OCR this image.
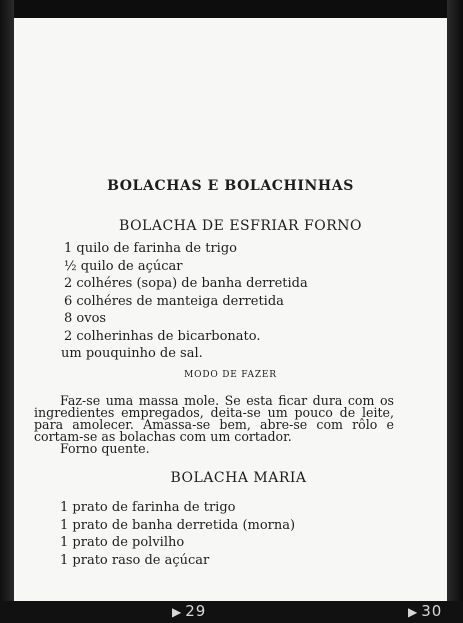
▶ 29	▶ 30
BOLACHAS E BOLACHINHAS
BOLACHA DE ESFRIAR FORNO
1 quilo de farinha de trigo
½ quilo de açúcar
2 colhéres (sopa) de banha derretida
6 colhéres de manteiga derretida
8 ovos
2 colherinhas de bicarbonato.
um pouquinho de sal.
MODO DE FAZER

Faz-se uma massa mole. Se esta ficar dura com os ingredientes empregados, deita-se um pouco de leite, para amolecer. Amassa-se bem, abre-se com rôlo e cortam-se as bolachas com um cortador.

Forno quente.

BOLACHA MARIA
1 prato de farinha de trigo
1 prato de banha derretida (morna)
1 prato de polvilho
1 prato raso de açúcar
